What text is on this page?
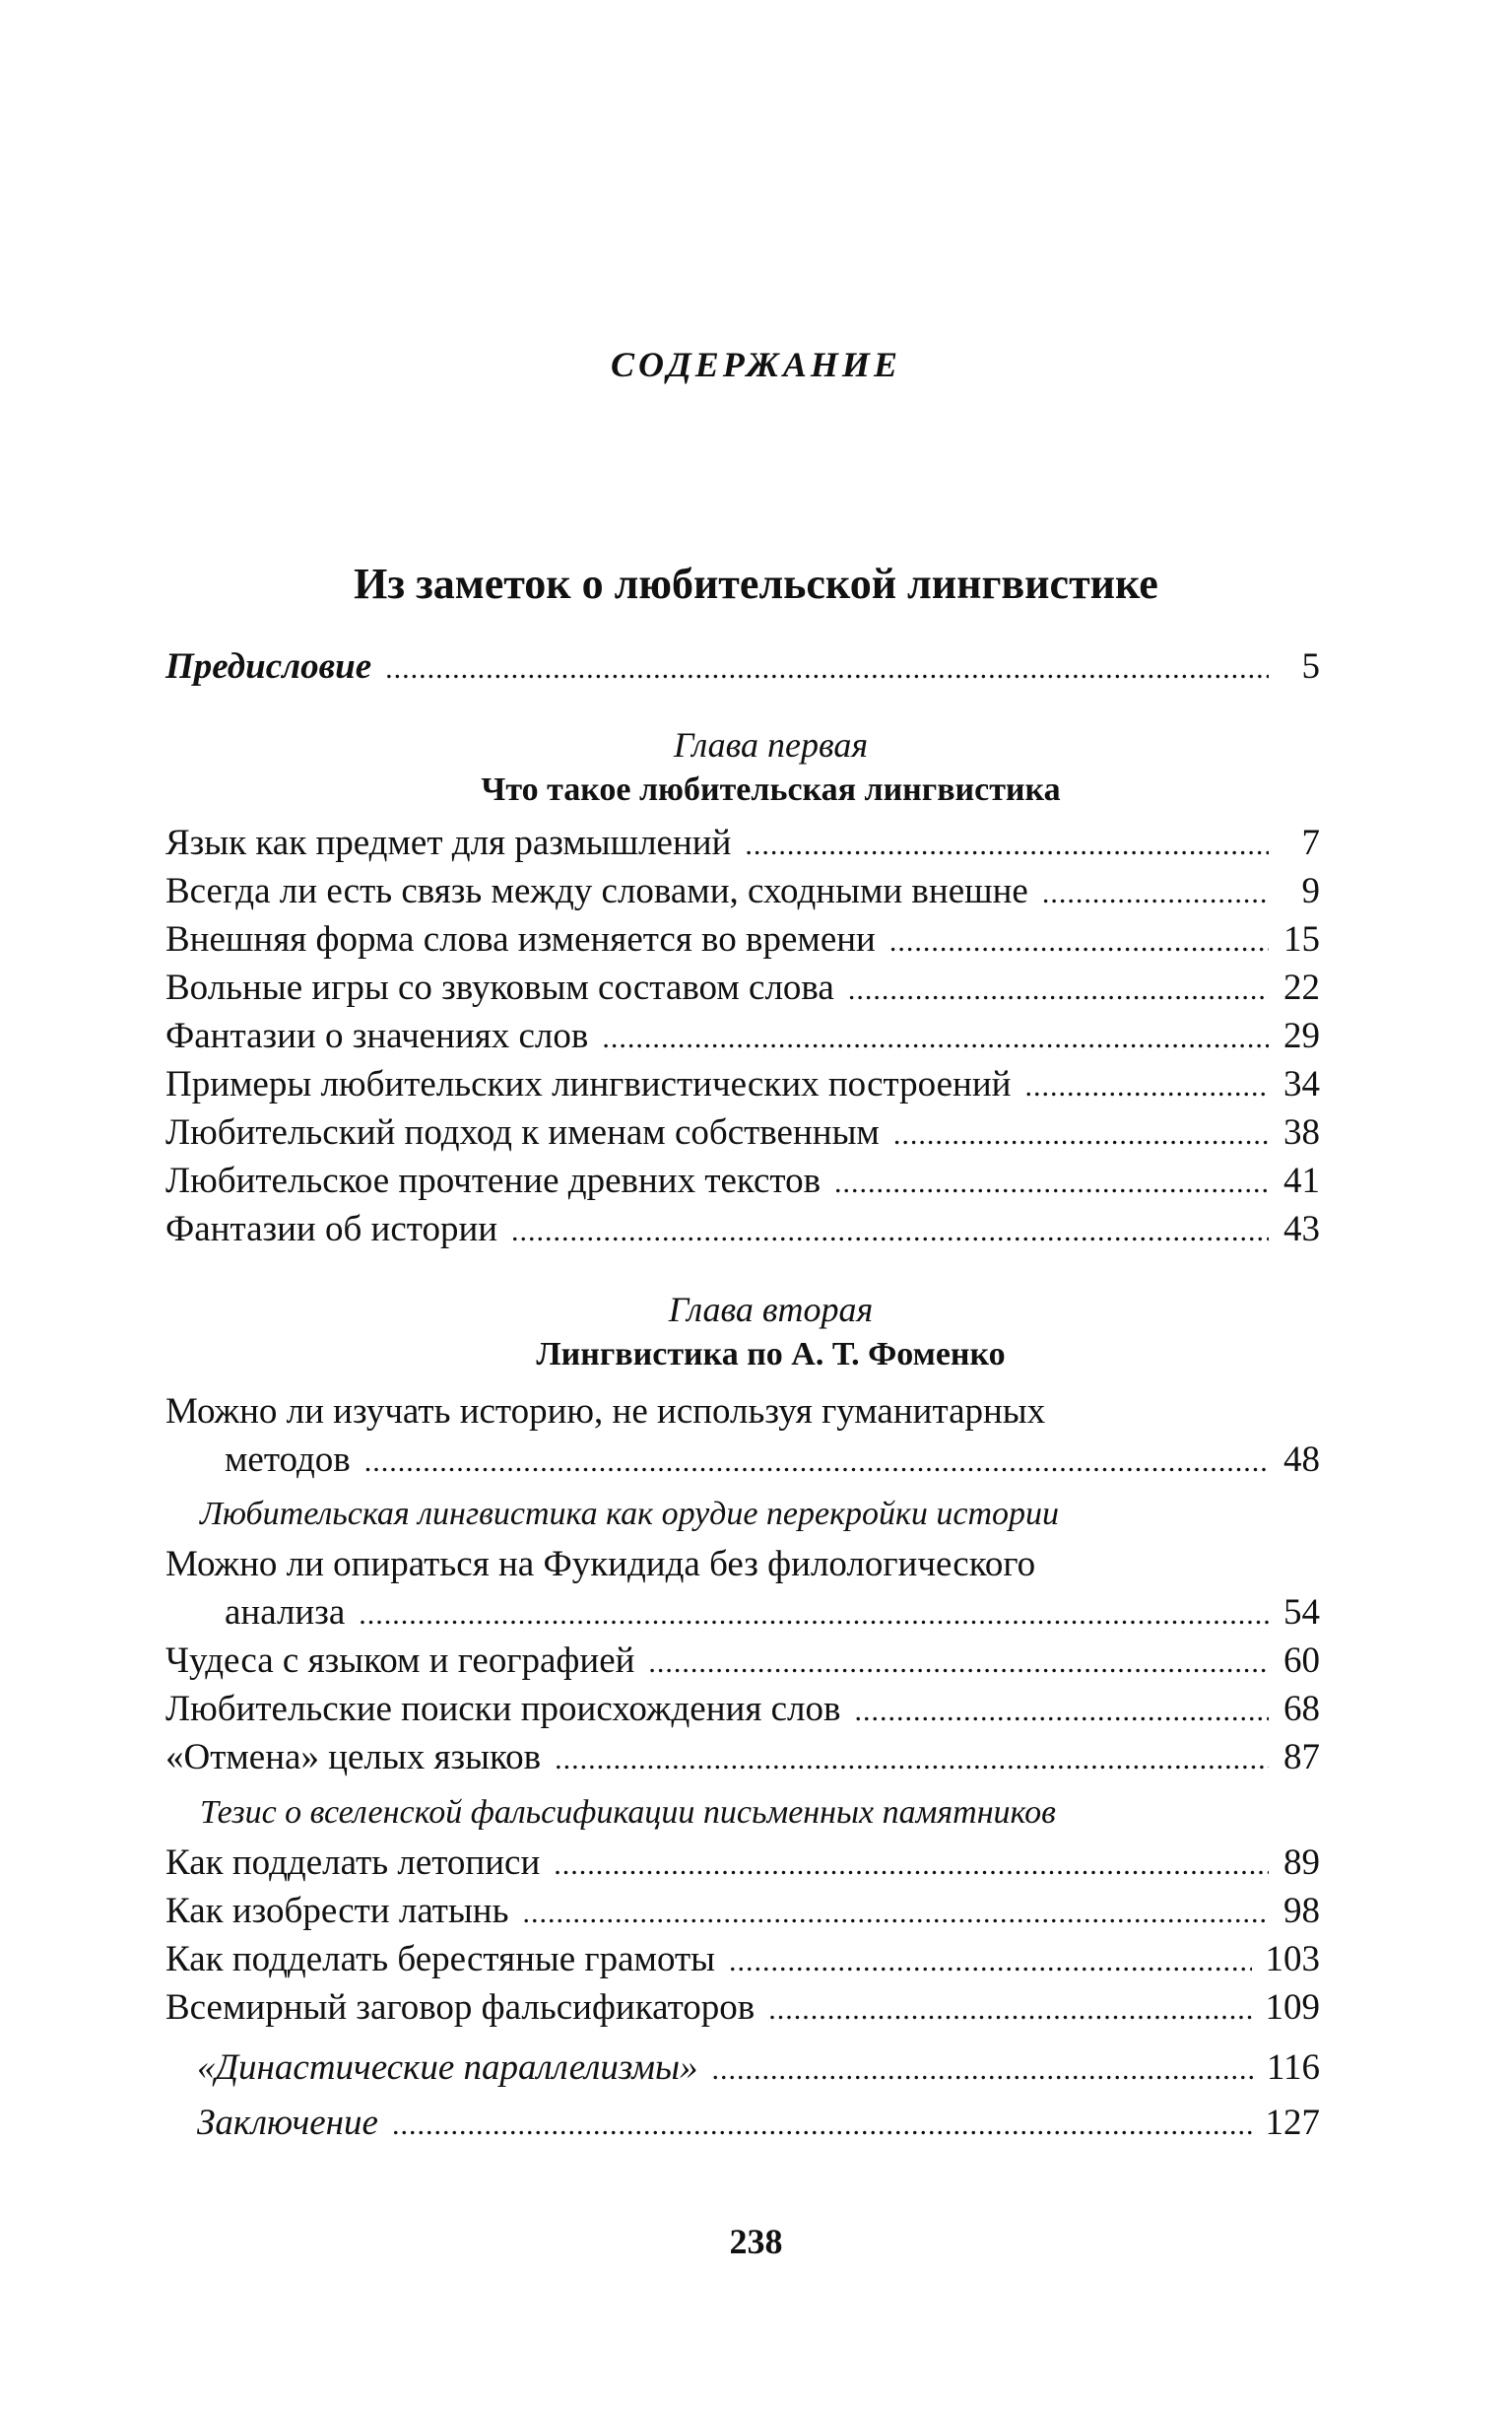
СОДЕРЖАНИЕ
Из заметок о любительской лингвистике
Предисловие .....	5
Глава первая
Что такое любительская лингвистика
Язык как предмет для размышлений .....	7
Всегда ли есть связь между словами, сходными внешне .....	9
Внешняя форма слова изменяется во времени .....	15
Вольные игры со звуковым составом слова .....	22
Фантазии о значениях слов .....	29
Примеры любительских лингвистических построений .....	34
Любительский подход к именам собственным .....	38
Любительское прочтение древних текстов .....	41
Фантазии об истории .....	43
Глава вторая
Лингвистика по А. Т. Фоменко
Можно ли изучать историю, не используя гуманитарных
методов .....	48
Любительская лингвистика как орудие перекройки истории
Можно ли опираться на Фукидида без филологического
анализа .....	54
Чудеса с языком и географией .....	60
Любительские поиски происхождения слов .....	68
«Отмена» целых языков .....	87
Тезис о вселенской фальсификации письменных памятников
Как подделать летописи .....	89
Как изобрести латынь .....	98
Как подделать берестяные грамоты .....	103
Всемирный заговор фальсификаторов .....	109
«Династические параллелизмы» .....	116
Заключение .....	127
238
